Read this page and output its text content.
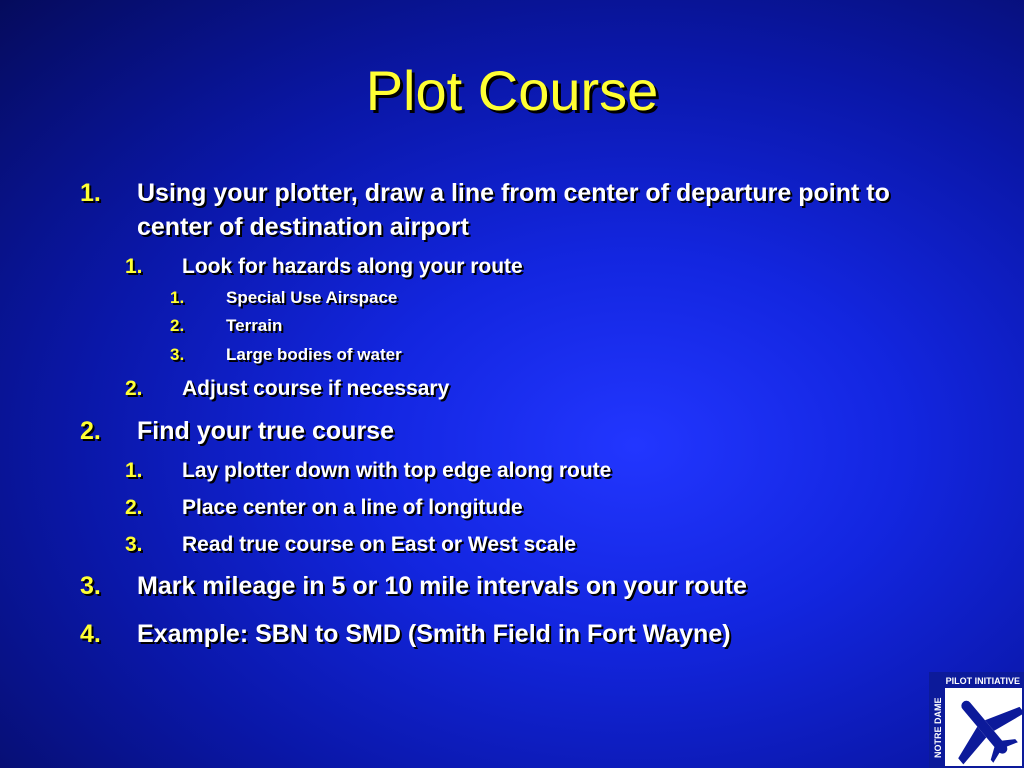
Plot Course
1. Using your plotter, draw a line from center of departure point to center of destination airport
1. Look for hazards along your route
1. Special Use Airspace
2. Terrain
3. Large bodies of water
2. Adjust course if necessary
2. Find your true course
1. Lay plotter down with top edge along route
2. Place center on a line of longitude
3. Read true course on East or West scale
3. Mark mileage in 5 or 10 mile intervals on your route
4. Example: SBN to SMD (Smith Field in Fort Wayne)
PILOT INITIATIVE
NOTRE DAME
